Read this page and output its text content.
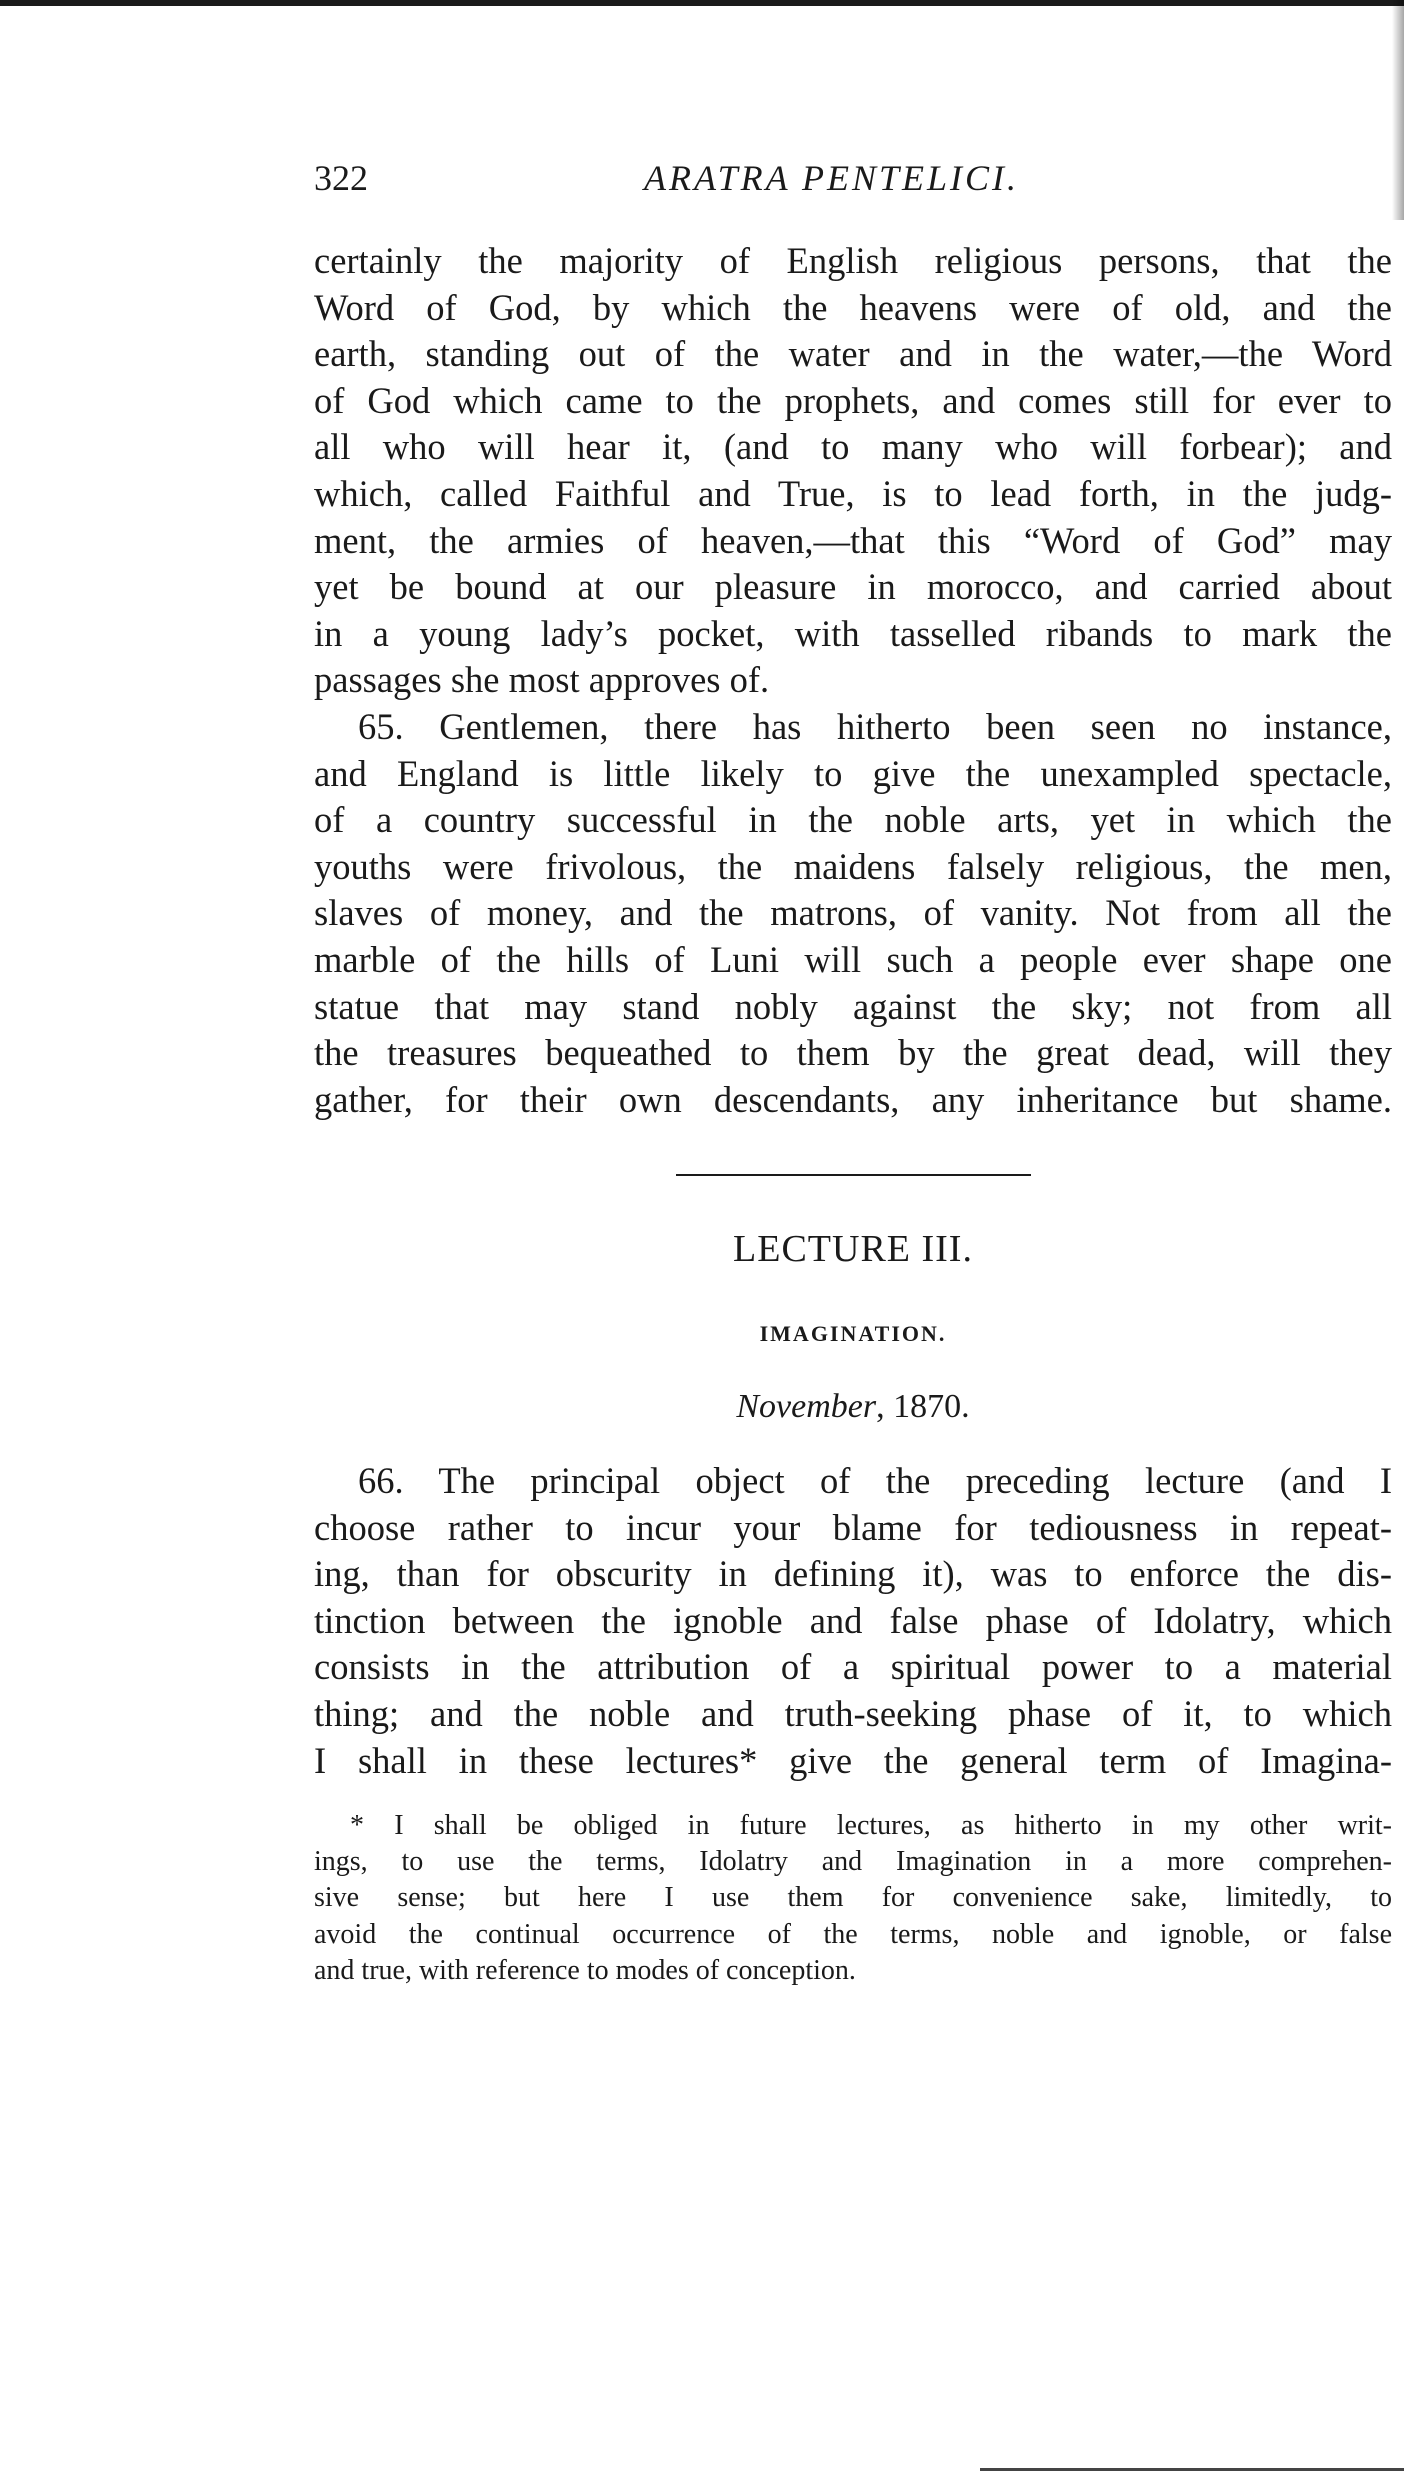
322	ARATRA PENTELICI.
certainly the majority of English religious persons, that the
Word of God, by which the heavens were of old, and the
earth, standing out of the water and in the water,—the Word
of God which came to the prophets, and comes still for ever to
all who will hear it, (and to many who will forbear); and
which, called Faithful and True, is to lead forth, in the judg-
ment, the armies of heaven,—that this “Word of God” may
yet be bound at our pleasure in morocco, and carried about
in a young lady’s pocket, with tasselled ribands to mark the
passages she most approves of.
65. Gentlemen, there has hitherto been seen no instance,
and England is little likely to give the unexampled spectacle,
of a country successful in the noble arts, yet in which the
youths were frivolous, the maidens falsely religious, the men,
slaves of money, and the matrons, of vanity. Not from all the
marble of the hills of Luni will such a people ever shape one
statue that may stand nobly against the sky; not from all
the treasures bequeathed to them by the great dead, will they
gather, for their own descendants, any inheritance but shame.
LECTURE III.
IMAGINATION.
November, 1870.
66. The principal object of the preceding lecture (and I
choose rather to incur your blame for tediousness in repeat-
ing, than for obscurity in defining it), was to enforce the dis-
tinction between the ignoble and false phase of Idolatry, which
consists in the attribution of a spiritual power to a material
thing; and the noble and truth-seeking phase of it, to which
I shall in these lectures* give the general term of Imagina-
* I shall be obliged in future lectures, as hitherto in my other writ-
ings, to use the terms, Idolatry and Imagination in a more comprehen-
sive sense; but here I use them for convenience sake, limitedly, to
avoid the continual occurrence of the terms, noble and ignoble, or false
and true, with reference to modes of conception.
